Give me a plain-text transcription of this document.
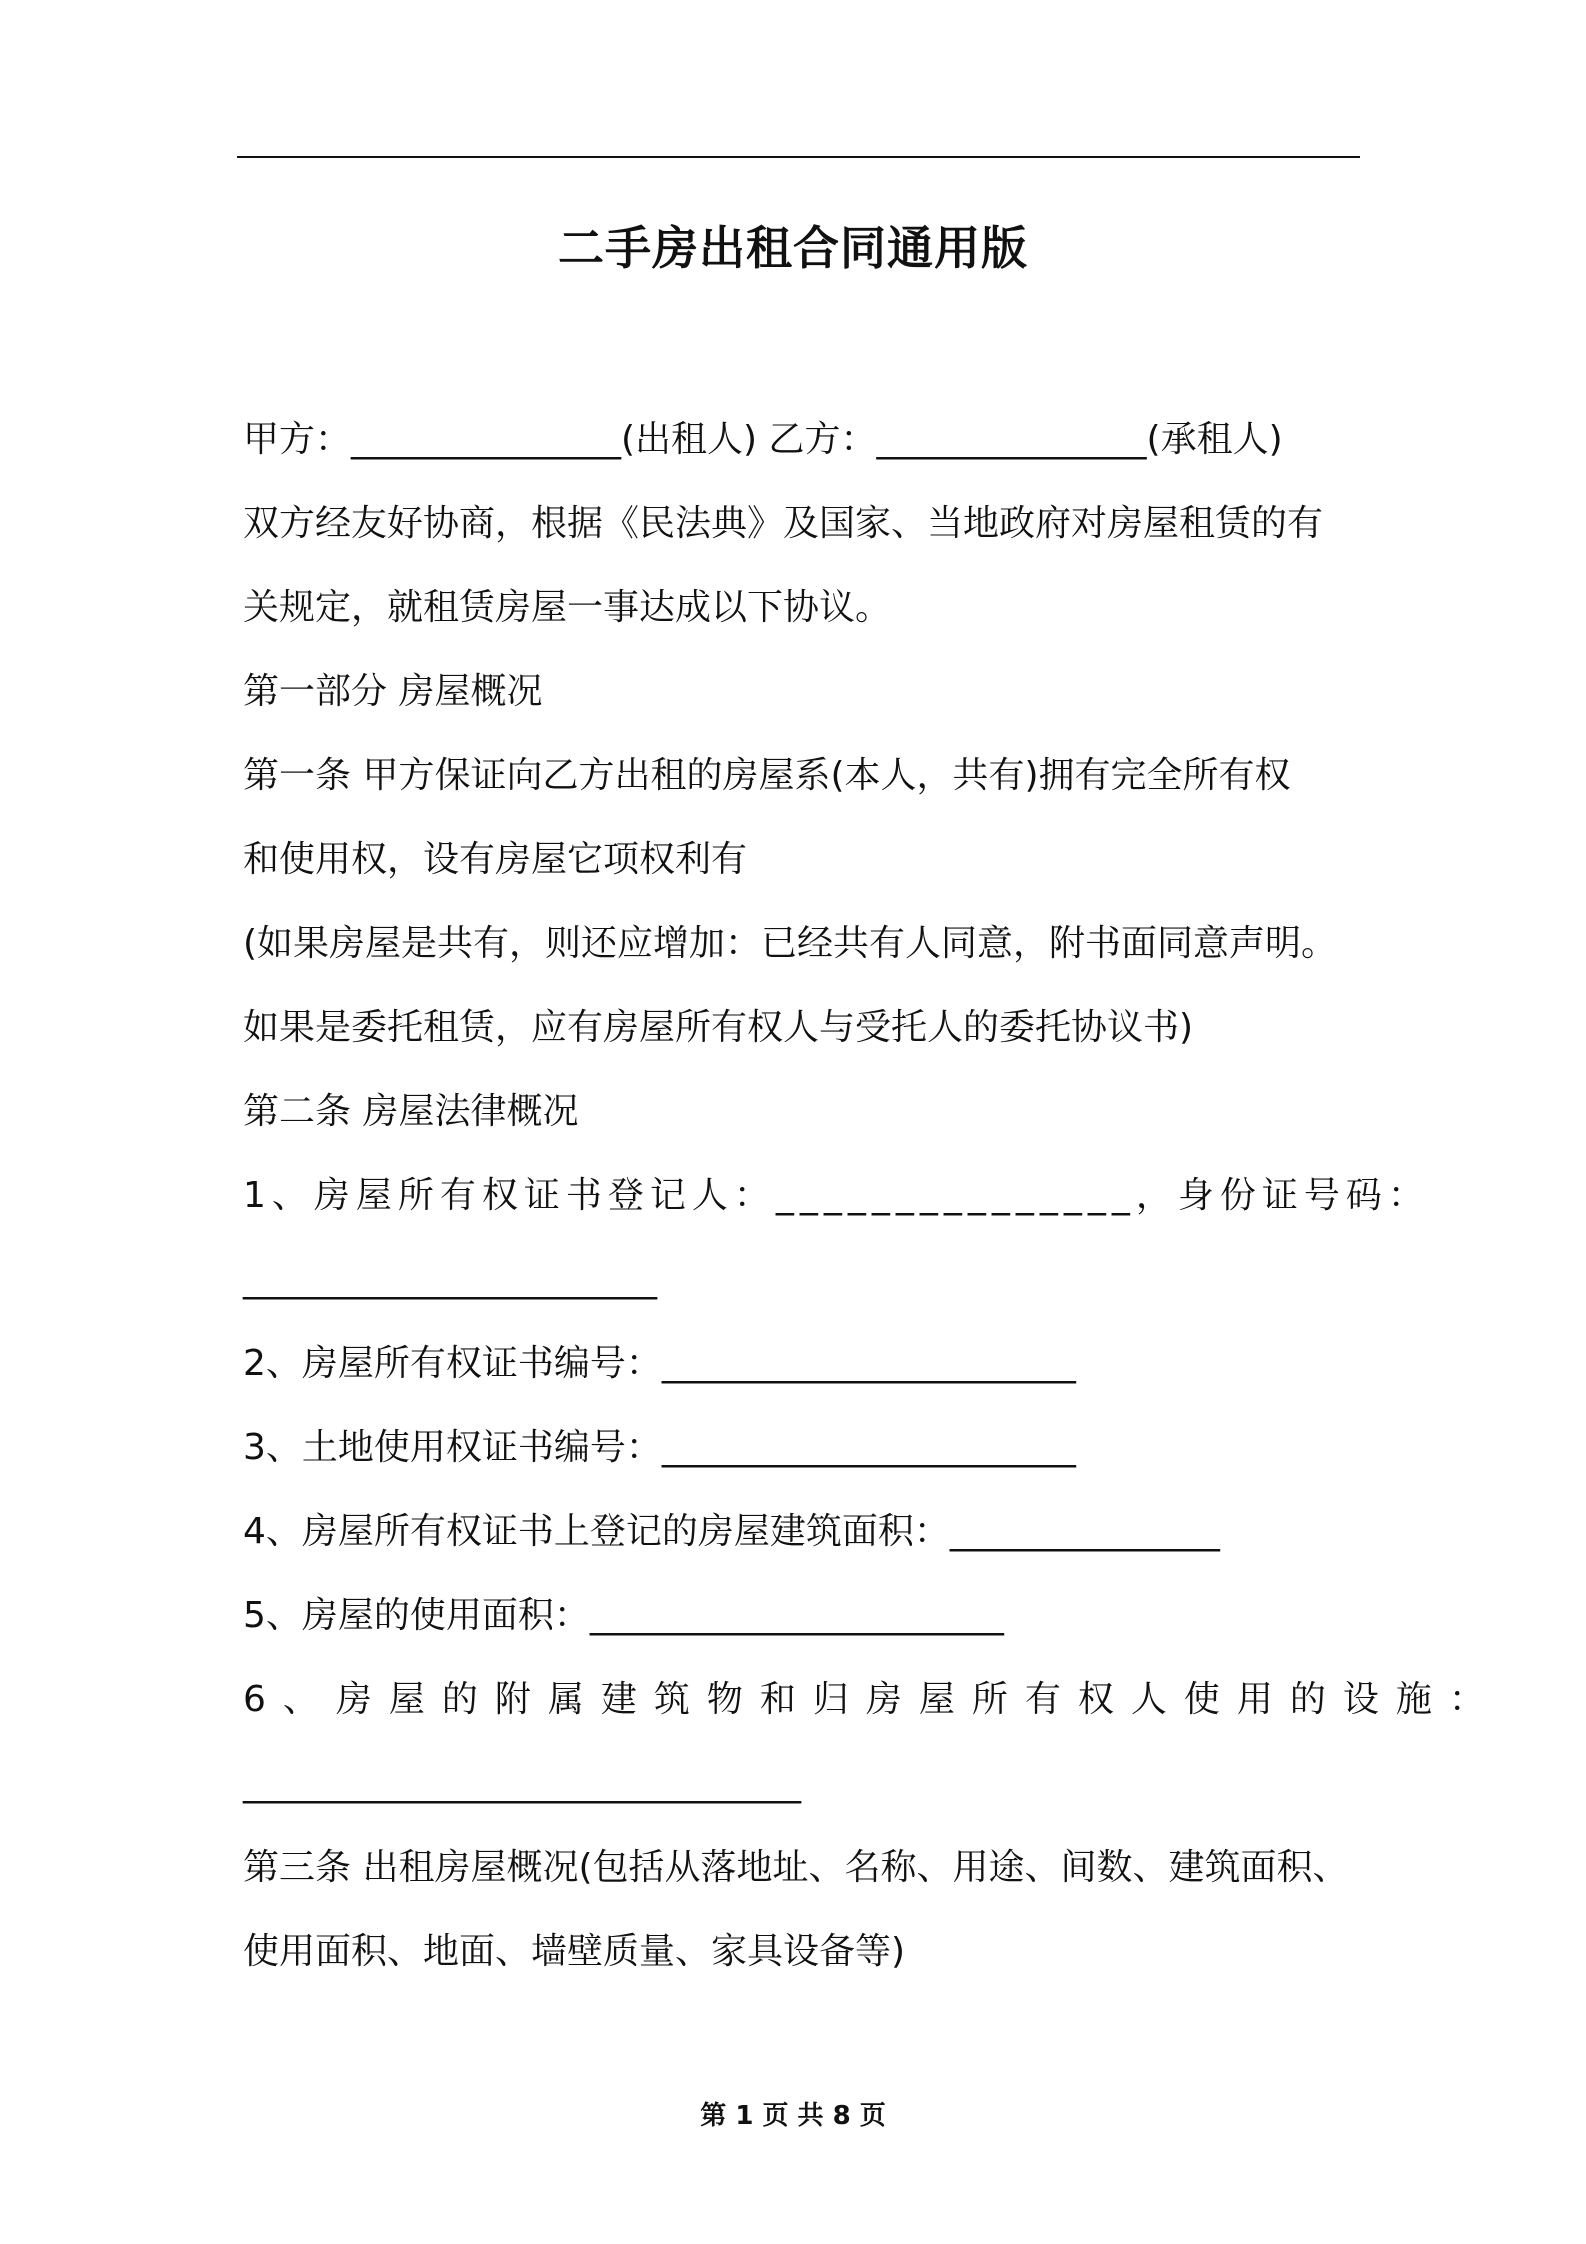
二手房出租合同通用版
甲方：_______________(出租人) 乙方：_______________(承租人)
双方经友好协商，根据《民法典》及国家、当地政府对房屋租赁的有
关规定，就租赁房屋一事达成以下协议。
第一部分 房屋概况
第一条 甲方保证向乙方出租的房屋系(本人，共有)拥有完全所有权
和使用权，设有房屋它项权利有
(如果房屋是共有，则还应增加：已经共有人同意，附书面同意声明。
如果是委托租赁，应有房屋所有权人与受托人的委托协议书)
第二条 房屋法律概况
1、房屋所有权证书登记人：_______________，身份证号码：
_______________________
2、房屋所有权证书编号：_______________________
3、土地使用权证书编号：_______________________
4、房屋所有权证书上登记的房屋建筑面积：_______________
5、房屋的使用面积：_______________________
6、房屋的附属建筑物和归房屋所有权人使用的设施：
_______________________________
第三条 出租房屋概况(包括从落地址、名称、用途、间数、建筑面积、
使用面积、地面、墙壁质量、家具设备等)
第 1 页 共 8 页
